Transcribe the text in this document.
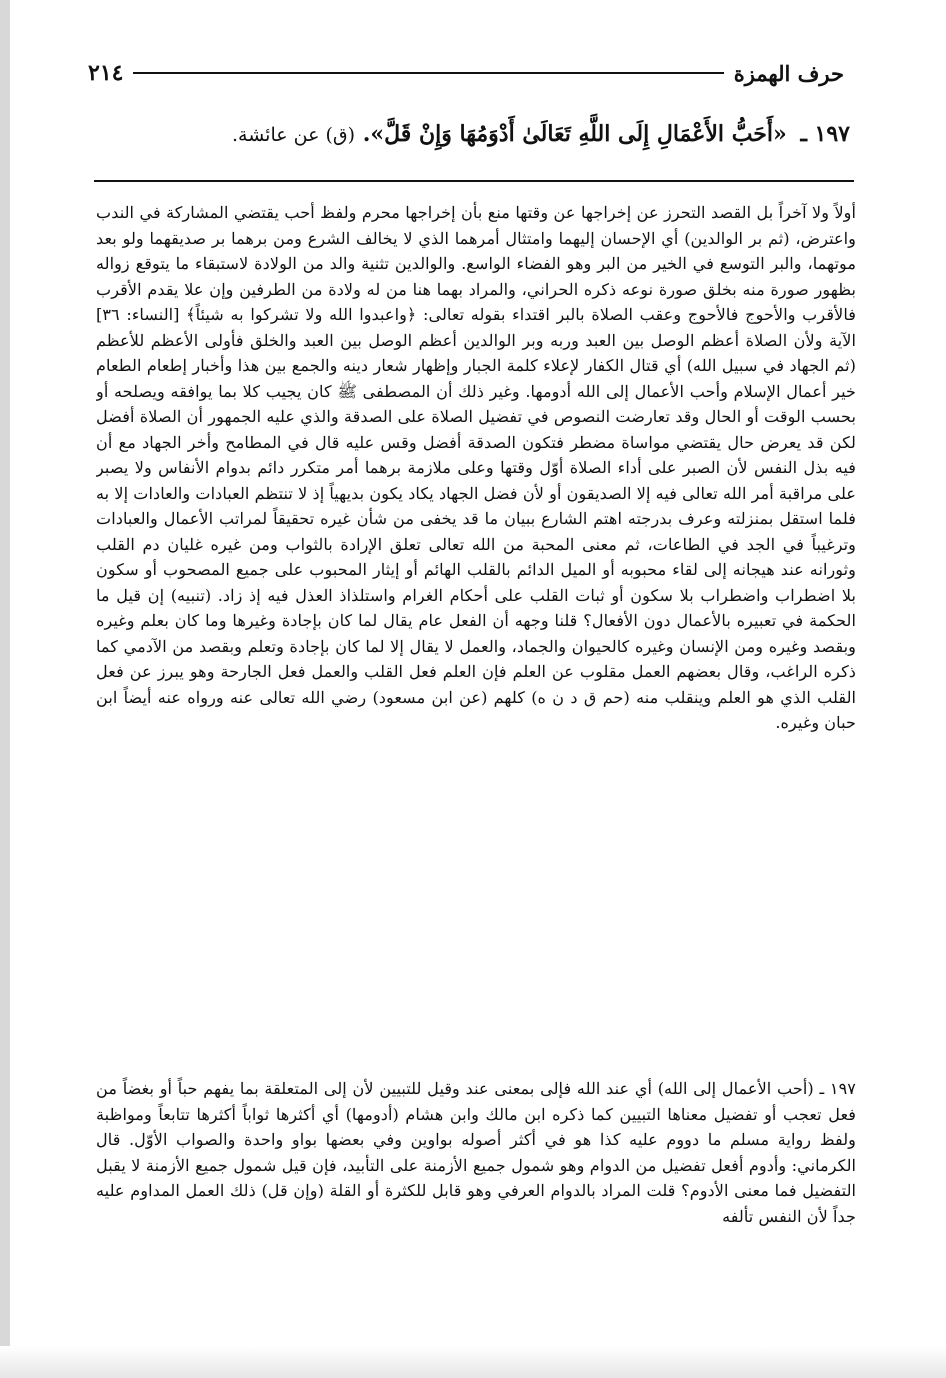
حرف الهمزة
٢١٤
١٩٧ ـ «أَحَبُّ الأَعْمَالِ إِلَى اللَّهِ تَعَالَىٰ أَدْوَمُهَا وَإِنْ قَلَّ». (ق) عن عائشة.

أولاً ولا آخراً بل القصد التحرز عن إخراجها عن وقتها منع بأن إخراجها محرم ولفظ أحب يقتضي المشاركة في الندب واعترض، (ثم بر الوالدين) أي الإحسان إليهما وامتثال أمرهما الذي لا يخالف الشرع ومن برهما بر صديقهما ولو بعد موتهما، والبر التوسع في الخير من البر وهو الفضاء الواسع. والوالدين تثنية والد من الولادة لاستبقاء ما يتوقع زواله بظهور صورة منه بخلق صورة نوعه ذكره الحراني، والمراد بهما هنا من له ولادة من الطرفين وإن علا يقدم الأقرب فالأقرب والأحوج فالأحوج وعقب الصلاة بالبر اقتداء بقوله تعالى: ﴿واعبدوا الله ولا تشركوا به شيئاً﴾ [النساء: ٣٦] الآية ولأن الصلاة أعظم الوصل بين العبد وربه وبر الوالدين أعظم الوصل بين العبد والخلق فأولى الأعظم للأعظم (ثم الجهاد في سبيل الله) أي قتال الكفار لإعلاء كلمة الجبار وإظهار شعار دينه والجمع بين هذا وأخبار إطعام الطعام خير أعمال الإسلام وأحب الأعمال إلى الله أدومها. وغير ذلك أن المصطفى ﷺ كان يجيب كلا بما يوافقه ويصلحه أو بحسب الوقت أو الحال وقد تعارضت النصوص في تفضيل الصلاة على الصدقة والذي عليه الجمهور أن الصلاة أفضل لكن قد يعرض حال يقتضي مواساة مضطر فتكون الصدقة أفضل وقس عليه قال في المطامح وأخر الجهاد مع أن فيه بذل النفس لأن الصبر على أداء الصلاة أوّل وقتها وعلى ملازمة برهما أمر متكرر دائم بدوام الأنفاس ولا يصبر على مراقبة أمر الله تعالى فيه إلا الصديقون أو لأن فضل الجهاد يكاد يكون بديهياً إذ لا تنتظم العبادات والعادات إلا به فلما استقل بمنزلته وعرف بدرجته اهتم الشارع ببيان ما قد يخفى من شأن غيره تحقيقاً لمراتب الأعمال والعبادات وترغيباً في الجد في الطاعات، ثم معنى المحبة من الله تعالى تعلق الإرادة بالثواب ومن غيره غليان دم القلب وثورانه عند هيجانه إلى لقاء محبوبه أو الميل الدائم بالقلب الهائم أو إيثار المحبوب على جميع المصحوب أو سكون بلا اضطراب واضطراب بلا سكون أو ثبات القلب على أحكام الغرام واستلذاذ العذل فيه إذ زاد. (تنبيه) إن قيل ما الحكمة في تعبيره بالأعمال دون الأفعال؟ قلنا وجهه أن الفعل عام يقال لما كان بإجادة وغيرها وما كان بعلم وغيره وبقصد وغيره ومن الإنسان وغيره كالحيوان والجماد، والعمل لا يقال إلا لما كان بإجادة وتعلم وبقصد من الآدمي كما ذكره الراغب، وقال بعضهم العمل مقلوب عن العلم فإن العلم فعل القلب والعمل فعل الجارحة وهو يبرز عن فعل القلب الذي هو العلم وينقلب منه (حم ق د ن ه) كلهم (عن ابن مسعود) رضي الله تعالى عنه ورواه عنه أيضاً ابن حبان وغيره.

١٩٧ ـ (أحب الأعمال إلى الله) أي عند الله فإلى بمعنى عند وقيل للتبيين لأن إلى المتعلقة بما يفهم حباً أو بغضاً من فعل تعجب أو تفضيل معناها التبيين كما ذكره ابن مالك وابن هشام (أدومها) أي أكثرها ثواباً أكثرها تتابعاً ومواظبة ولفظ رواية مسلم ما دووم عليه كذا هو في أكثر أصوله بواوين وفي بعضها بواو واحدة والصواب الأوّل. قال الكرماني: وأدوم أفعل تفضيل من الدوام وهو شمول جميع الأزمنة على التأبيد، فإن قيل شمول جميع الأزمنة لا يقبل التفضيل فما معنى الأدوم؟ قلت المراد بالدوام العرفي وهو قابل للكثرة أو القلة (وإن قل) ذلك العمل المداوم عليه جداً لأن النفس تألفه
